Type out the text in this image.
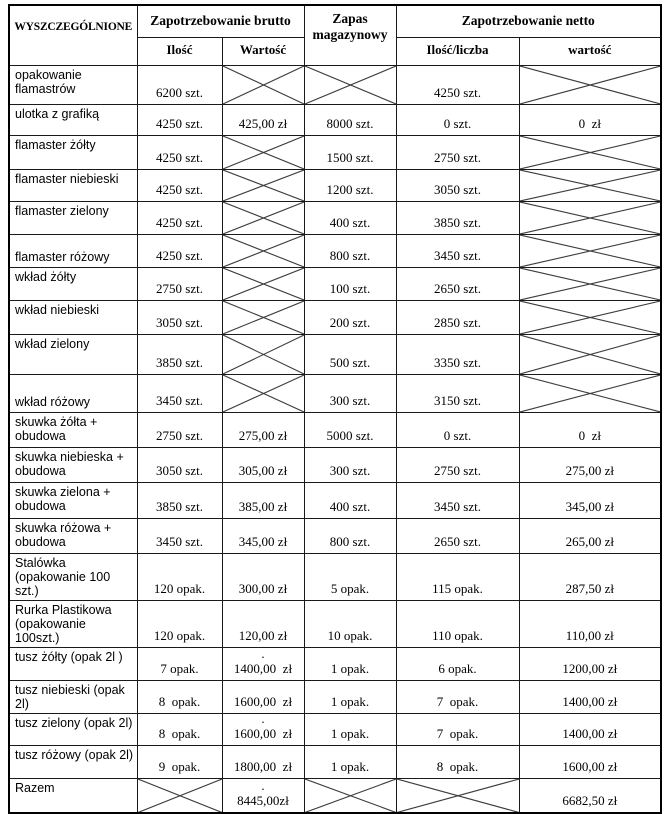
WYSZCZEGÓLNIONE	Zapotrzebowanie brutto		Zapas magazynowy	Zapotrzebowanie netto	
	Ilość	Wartość		Ilość/liczba	wartość
opakowanie flamastrów	6200 szt.			4250 szt.

ulotka z grafiką	4250 szt.	425,00 zł	8000 szt.	0 szt.	0  zł

flamaster żółty	4250 szt.		1500 szt.	2750 szt.

flamaster niebieski	4250 szt.		1200 szt.	3050 szt.

flamaster zielony	4250 szt.		400 szt.	3850 szt.

flamaster różowy	4250 szt.		800 szt.	3450 szt.

wkład żółty	2750 szt.		100 szt.	2650 szt.

wkład niebieski	3050 szt.		200 szt.	2850 szt.

wkład zielony	3850 szt.		500 szt.	3350 szt.

wkład różowy	3450 szt.		300 szt.	3150 szt.

skuwka żółta + obudowa	2750 szt.	275,00 zł	5000 szt.	0 szt.	0  zł

skuwka niebieska + obudowa	3050 szt.	305,00 zł	300 szt.	2750 szt.	275,00 zł

skuwka zielona + obudowa	3850 szt.	385,00 zł	400 szt.	3450 szt.	345,00 zł

skuwka różowa + obudowa	3450 szt.	345,00 zł	800 szt.	2650 szt.	265,00 zł

Stalówka (opakowanie 100 szt.)	120 opak.	300,00 zł	5 opak.	115 opak.	287,50 zł

Rurka Plastikowa (opakowanie 100szt.)	120 opak.	120,00 zł	10 opak.	110 opak.	110,00 zł

tusz żółty (opak 2l )	7 opak.	.
1400,00  zł	1 opak.	6 opak.	1200,00 zł

tusz niebieski (opak 2l)	8  opak.	1600,00  zł	1 opak.	7  opak.	1400,00 zł

tusz zielony (opak 2l)	8  opak.	.
1600,00  zł	1 opak.	7  opak.	1400,00 zł

tusz różowy (opak 2l)	9  opak.	1800,00  zł	1 opak.	8  opak.	1600,00 zł

Razem		.
8445,00zł			6682,50 zł
